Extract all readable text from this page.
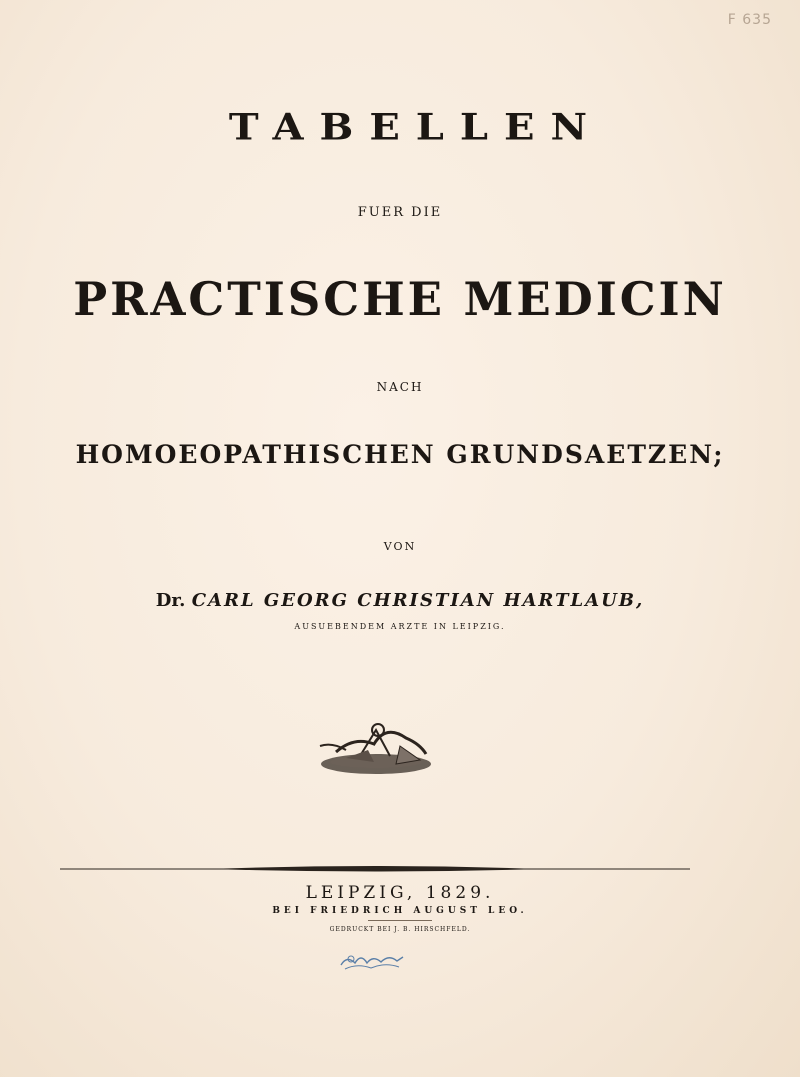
F 635
TABELLEN
FUER DIE
PRACTISCHE MEDICIN
NACH
HOMOEOPATHISCHEN GRUNDSAETZEN;
VON
Dr. CARL GEORG CHRISTIAN HARTLAUB,
AUSUEBENDEM ARZTE IN LEIPZIG.
LEIPZIG, 1829.
BEI FRIEDRICH AUGUST LEO.
GEDRUCKT BEI J. B. HIRSCHFELD.
